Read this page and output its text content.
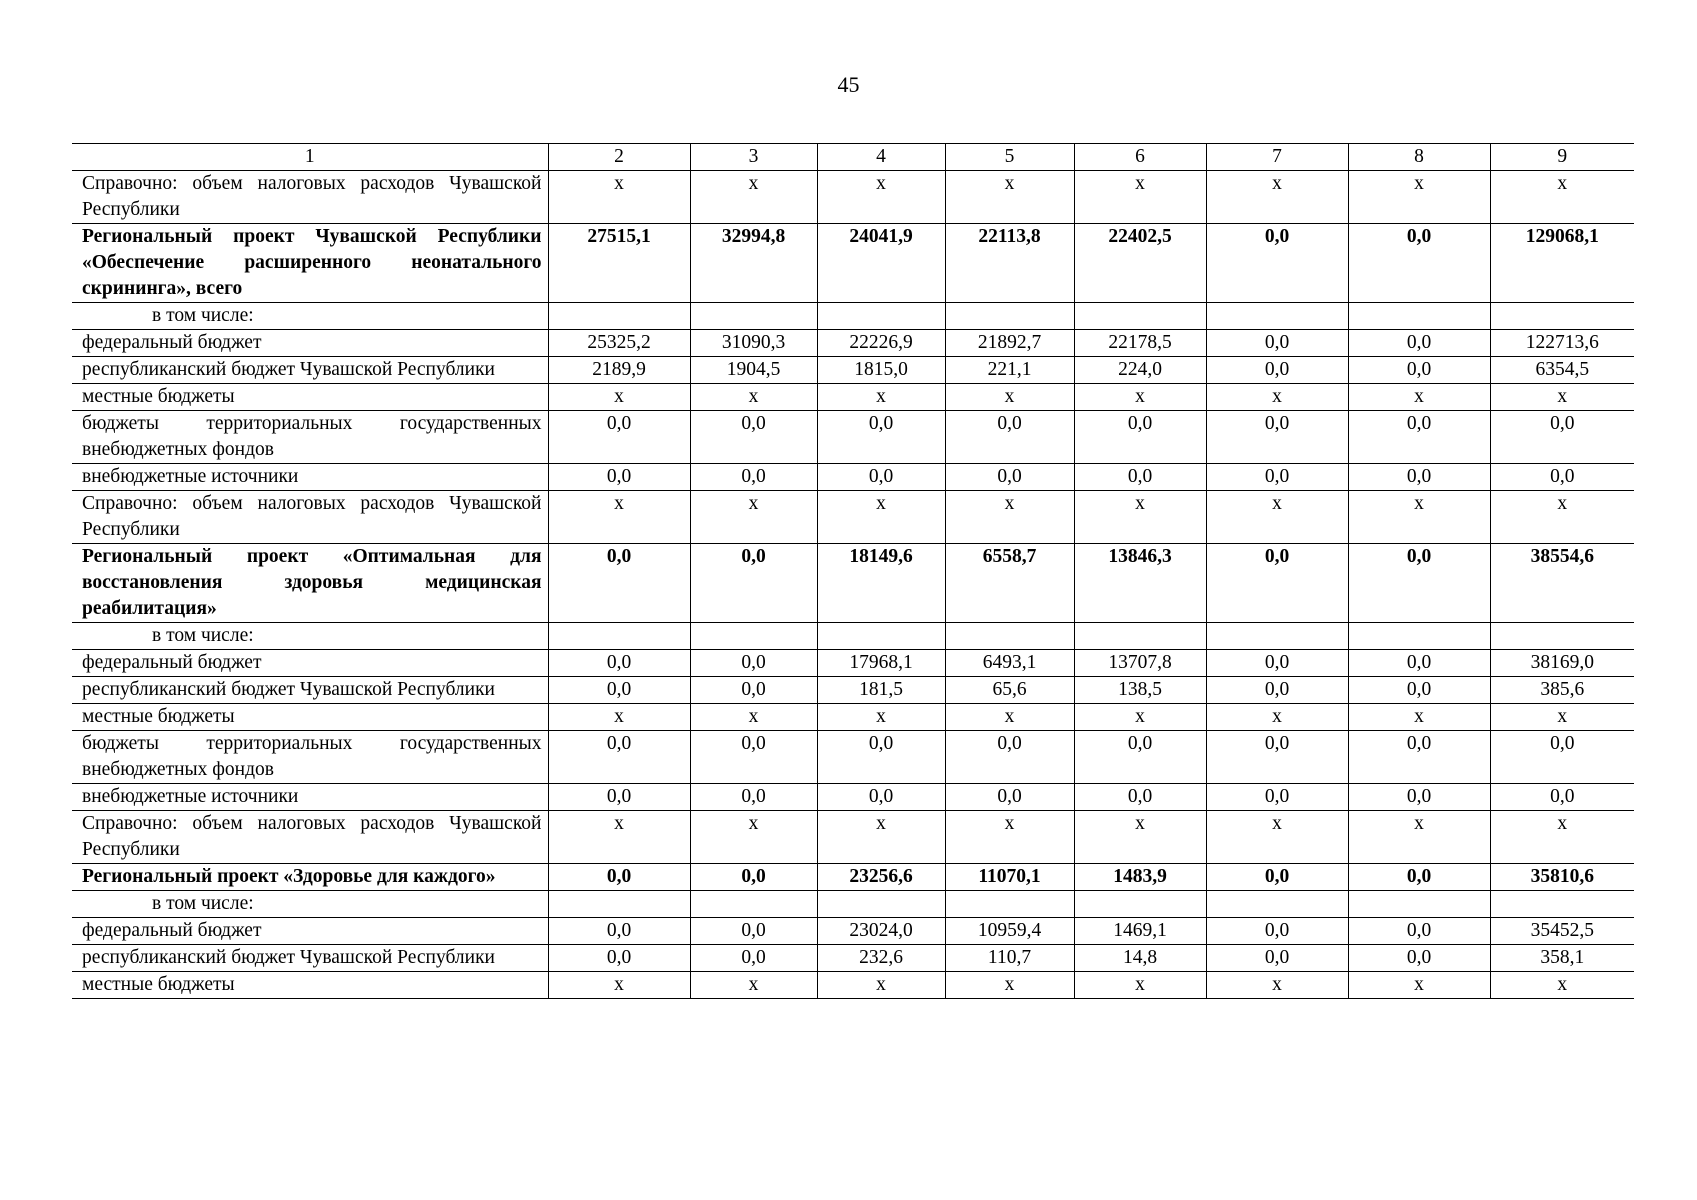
45
1	2	3	4	5	6	7	8	9
Справочно: объем налоговых расходов Чувашской Республики	x	x	x	x	x	x	x	x
Региональный проект Чувашской Республики «Обеспечение расширенного неонатального скрининга», всего	27515,1	32994,8	24041,9	22113,8	22402,5	0,0	0,0	129068,1
в том числе:								
федеральный бюджет	25325,2	31090,3	22226,9	21892,7	22178,5	0,0	0,0	122713,6
республиканский бюджет Чувашской Республики	2189,9	1904,5	1815,0	221,1	224,0	0,0	0,0	6354,5
местные бюджеты	x	x	x	x	x	x	x	x
бюджеты территориальных государственных внебюджетных фондов	0,0	0,0	0,0	0,0	0,0	0,0	0,0	0,0
внебюджетные источники	0,0	0,0	0,0	0,0	0,0	0,0	0,0	0,0
Справочно: объем налоговых расходов Чувашской Республики	x	x	x	x	x	x	x	x
Региональный проект «Оптимальная для восстановления здоровья медицинская реабилитация»	0,0	0,0	18149,6	6558,7	13846,3	0,0	0,0	38554,6
в том числе:								
федеральный бюджет	0,0	0,0	17968,1	6493,1	13707,8	0,0	0,0	38169,0
республиканский бюджет Чувашской Республики	0,0	0,0	181,5	65,6	138,5	0,0	0,0	385,6
местные бюджеты	x	x	x	x	x	x	x	x
бюджеты территориальных государственных внебюджетных фондов	0,0	0,0	0,0	0,0	0,0	0,0	0,0	0,0
внебюджетные источники	0,0	0,0	0,0	0,0	0,0	0,0	0,0	0,0
Справочно: объем налоговых расходов Чувашской Республики	x	x	x	x	x	x	x	x
Региональный проект «Здоровье для каждого»	0,0	0,0	23256,6	11070,1	1483,9	0,0	0,0	35810,6
в том числе:								
федеральный бюджет	0,0	0,0	23024,0	10959,4	1469,1	0,0	0,0	35452,5
республиканский бюджет Чувашской Республики	0,0	0,0	232,6	110,7	14,8	0,0	0,0	358,1
местные бюджеты	x	x	x	x	x	x	x	x
